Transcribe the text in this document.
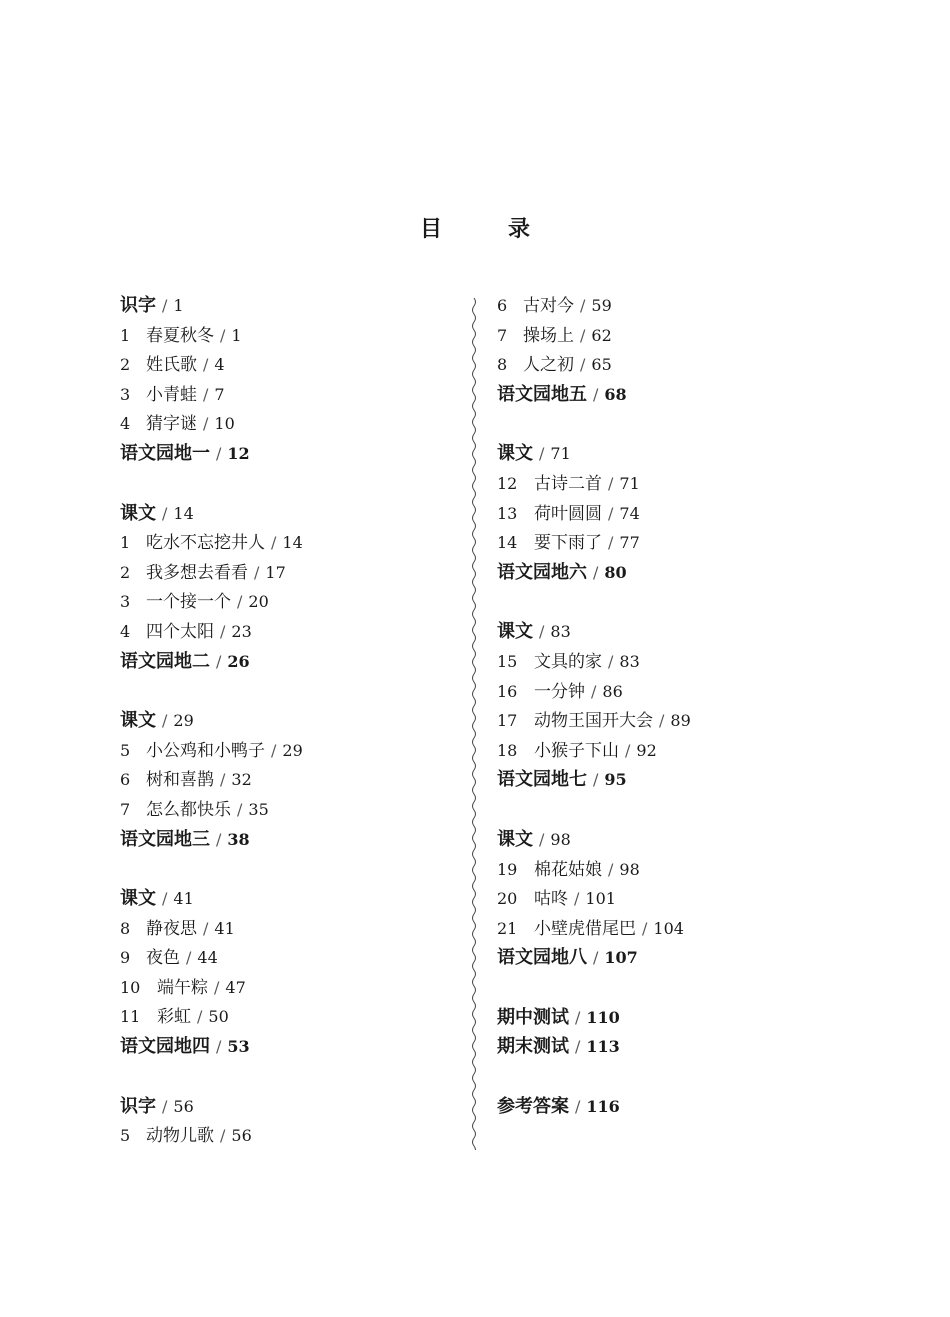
目　录
识字 / 1
1 春夏秋冬 / 1
2 姓氏歌 / 4
3 小青蛙 / 7
4 猜字谜 / 10
语文园地一 / 12
课文 / 14
1 吃水不忘挖井人 / 14
2 我多想去看看 / 17
3 一个接一个 / 20
4 四个太阳 / 23
语文园地二 / 26
课文 / 29
5 小公鸡和小鸭子 / 29
6 树和喜鹊 / 32
7 怎么都快乐 / 35
语文园地三 / 38
课文 / 41
8 静夜思 / 41
9 夜色 / 44
10 端午粽 / 47
11 彩虹 / 50
语文园地四 / 53
识字 / 56
5 动物儿歌 / 56
6 古对今 / 59
7 操场上 / 62
8 人之初 / 65
语文园地五 / 68
课文 / 71
12 古诗二首 / 71
13 荷叶圆圆 / 74
14 要下雨了 / 77
语文园地六 / 80
课文 / 83
15 文具的家 / 83
16 一分钟 / 86
17 动物王国开大会 / 89
18 小猴子下山 / 92
语文园地七 / 95
课文 / 98
19 棉花姑娘 / 98
20 咕咚 / 101
21 小壁虎借尾巴 / 104
语文园地八 / 107
期中测试 / 110
期末测试 / 113
参考答案 / 116
